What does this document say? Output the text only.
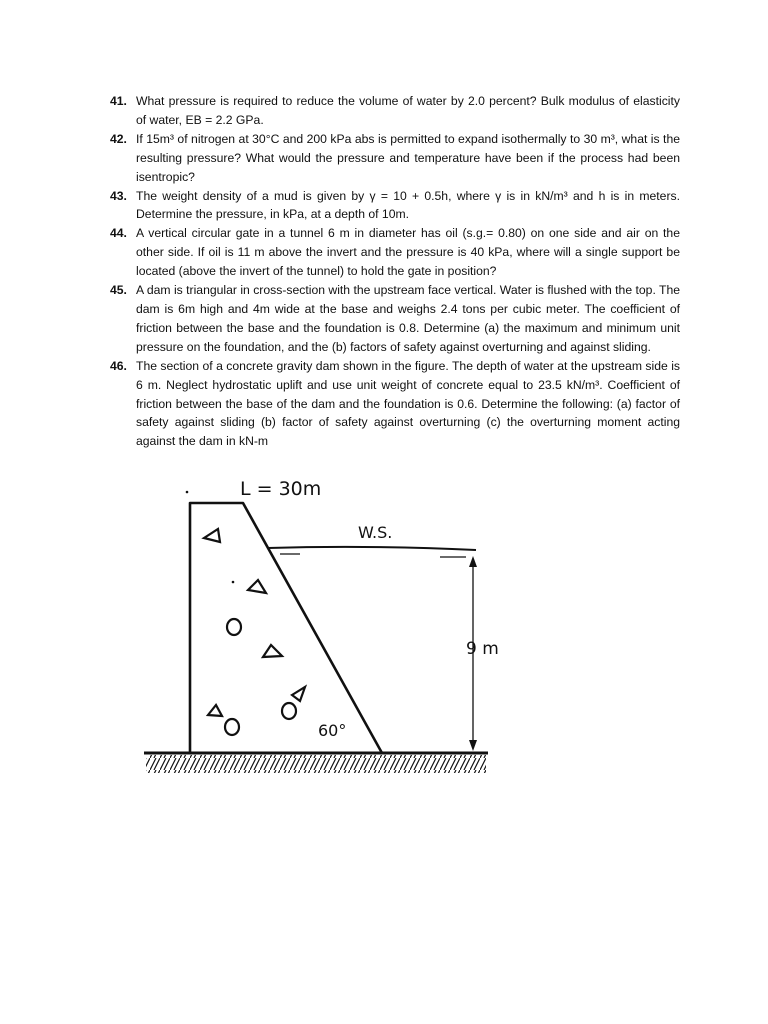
41. What pressure is required to reduce the volume of water by 2.0 percent? Bulk modulus of elasticity of water, EB = 2.2 GPa.

42. If 15m³ of nitrogen at 30°C and 200 kPa abs is permitted to expand isothermally to 30 m³, what is the resulting pressure? What would the pressure and temperature have been if the process had been isentropic?

43. The weight density of a mud is given by γ = 10 + 0.5h, where γ is in kN/m³ and h is in meters. Determine the pressure, in kPa, at a depth of 10m.

44. A vertical circular gate in a tunnel 6 m in diameter has oil (s.g.= 0.80) on one side and air on the other side. If oil is 11 m above the invert and the pressure is 40 kPa, where will a single support be located (above the invert of the tunnel) to hold the gate in position?

45. A dam is triangular in cross-section with the upstream face vertical. Water is flushed with the top. The dam is 6m high and 4m wide at the base and weighs 2.4 tons per cubic meter. The coefficient of friction between the base and the foundation is 0.8. Determine (a) the maximum and minimum unit pressure on the foundation, and the (b) factors of safety against overturning and against sliding.

46. The section of a concrete gravity dam shown in the figure. The depth of water at the upstream side is 6 m. Neglect hydrostatic uplift and use unit weight of concrete equal to 23.5 kN/m³. Coefficient of friction between the base of the dam and the foundation is 0.6. Determine the following: (a) factor of safety against sliding (b) factor of safety against overturning (c) the overturning moment acting against the dam in kN-m

L = 30m
W.S.
9 m
60°
